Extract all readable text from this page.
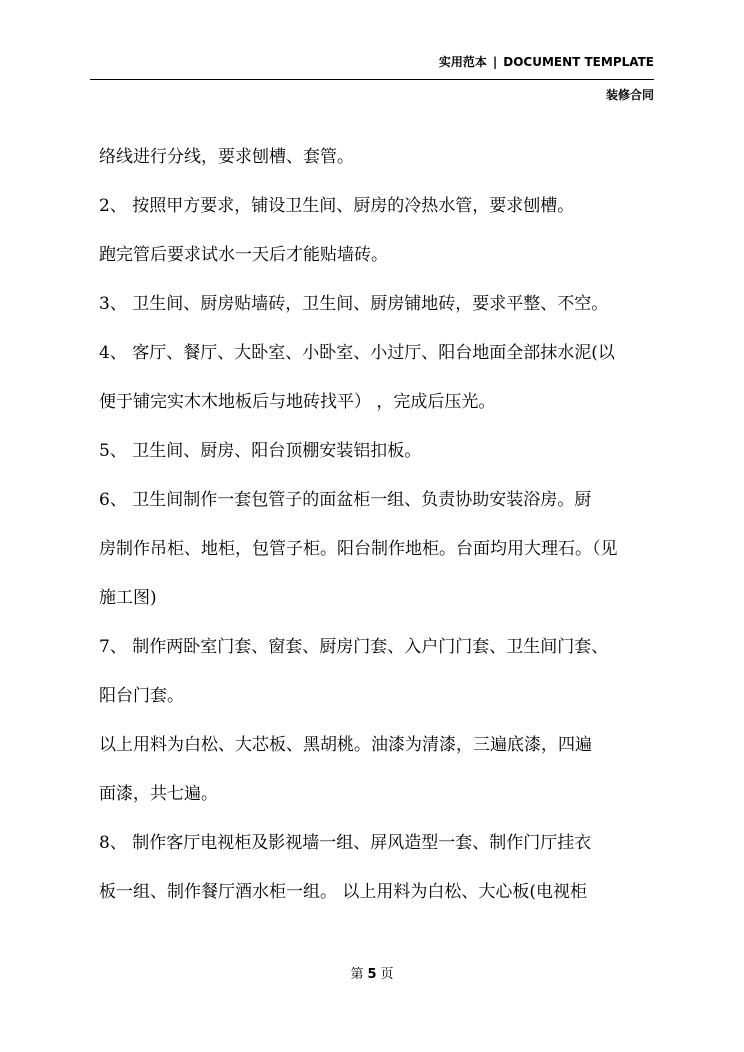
实用范本 | DOCUMENT TEMPLATE
装修合同
络线进行分线，要求刨槽、套管。
2、 按照甲方要求，铺设卫生间、厨房的冷热水管，要求刨槽。
跑完管后要求试水一天后才能贴墙砖。
3、 卫生间、厨房贴墙砖，卫生间、厨房铺地砖，要求平整、不空。
4、 客厅、餐厅、大卧室、小卧室、小过厅、阳台地面全部抹水泥(以
便于铺完实木木地板后与地砖找平） ，完成后压光。
5、 卫生间、厨房、阳台顶棚安装铝扣板。
6、 卫生间制作一套包管子的面盆柜一组、负责协助安装浴房。厨
房制作吊柜、地柜，包管子柜。阳台制作地柜。台面均用大理石。（见
施工图)
7、 制作两卧室门套、窗套、厨房门套、入户门门套、卫生间门套、
阳台门套。
以上用料为白松、大芯板、黑胡桃。油漆为清漆，三遍底漆，四遍
面漆，共七遍。
8、 制作客厅电视柜及影视墙一组、屏风造型一套、制作门厅挂衣
板一组、制作餐厅酒水柜一组。 以上用料为白松、大心板(电视柜
第 5 页
